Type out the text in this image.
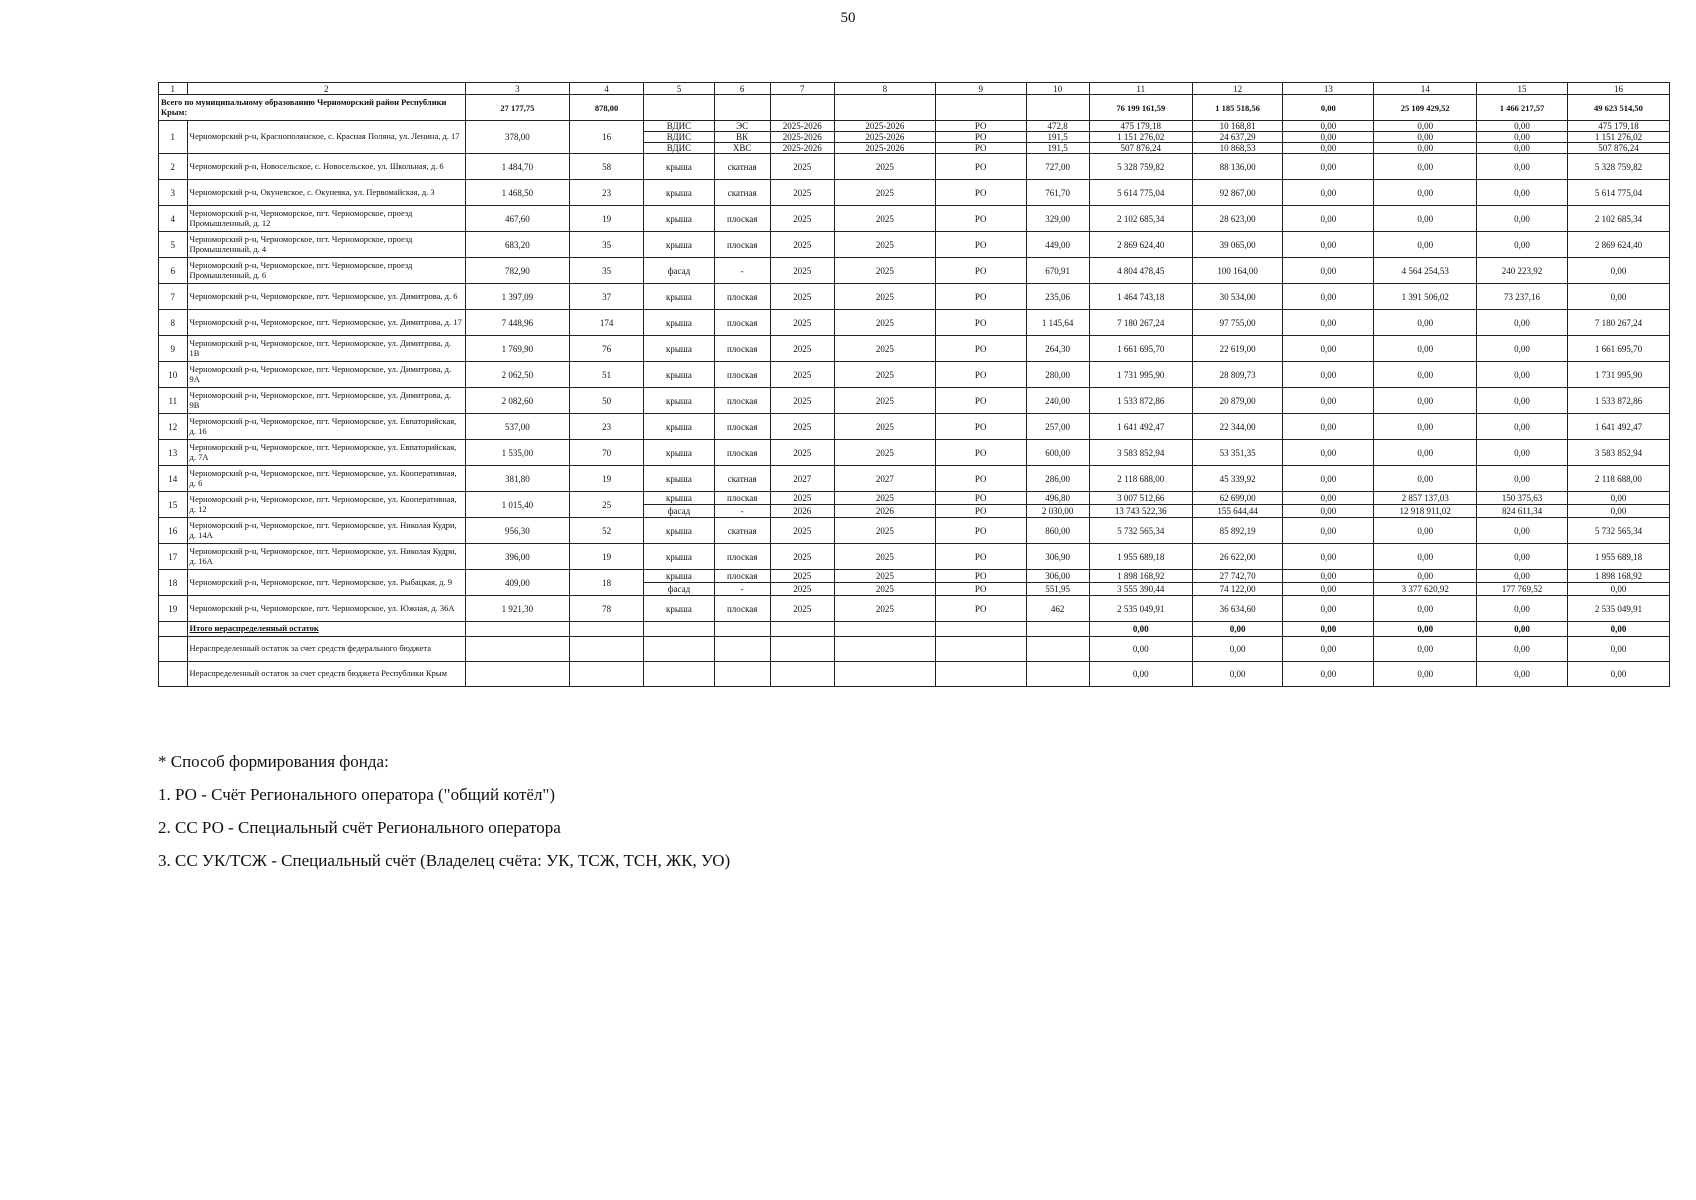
50
1	2	3	4	5	6	7	8	9	10	11	12	13	14	15	16
Всего по муниципальному образованию Черноморский район Республики Крым:		27 177,75	878,00							76 199 161,59	1 185 518,56	0,00	25 109 429,52	1 466 217,57	49 623 514,50
1	Черноморский р-н, Краснополянское, с. Красная Поляна, ул. Ленина, д. 17	378,00	16	ВДИС	ЭС	2025-2026	2025-2026	РО	472,8	475 179,18	10 168,81	0,00	0,00	0,00	475 179,18
				ВДИС	ВК	2025-2026	2025-2026	РО	191,5	1 151 276,02	24 637,29	0,00	0,00	0,00	1 151 276,02
				ВДИС	ХВС	2025-2026	2025-2026	РО	191,5	507 876,24	10 868,53	0,00	0,00	0,00	507 876,24
2	Черноморский р-н, Новосельское, с. Новосельское, ул. Школьная, д. 6	1 484,70	58	крыша	скатная	2025	2025	РО	727,00	5 328 759,82	88 136,00	0,00	0,00	0,00	5 328 759,82
3	Черноморский р-н, Окуневское, с. Окуневка, ул. Первомайская, д. 3	1 468,50	23	крыша	скатная	2025	2025	РО	761,70	5 614 775,04	92 867,00	0,00	0,00	0,00	5 614 775,04
4	Черноморский р-н, Черноморское, пгт. Черноморское, проезд Промышленный, д. 12	467,60	19	крыша	плоская	2025	2025	РО	329,00	2 102 685,34	28 623,00	0,00	0,00	0,00	2 102 685,34
5	Черноморский р-н, Черноморское, пгт. Черноморское, проезд Промышленный, д. 4	683,20	35	крыша	плоская	2025	2025	РО	449,00	2 869 624,40	39 065,00	0,00	0,00	0,00	2 869 624,40
6	Черноморский р-н, Черноморское, пгт. Черноморское, проезд Промышленный, д. 6	782,90	35	фасад	-	2025	2025	РО	670,91	4 804 478,45	100 164,00	0,00	4 564 254,53	240 223,92	0,00
7	Черноморский р-н, Черноморское, пгт. Черноморское, ул. Димитрова, д. 6	1 397,09	37	крыша	плоская	2025	2025	РО	235,06	1 464 743,18	30 534,00	0,00	1 391 506,02	73 237,16	0,00
8	Черноморский р-н, Черноморское, пгт. Черноморское, ул. Димитрова, д. 17	7 448,96	174	крыша	плоская	2025	2025	РО	1 145,64	7 180 267,24	97 755,00	0,00	0,00	0,00	7 180 267,24
9	Черноморский р-н, Черноморское, пгт. Черноморское, ул. Димитрова, д. 1В	1 769,90	76	крыша	плоская	2025	2025	РО	264,30	1 661 695,70	22 619,00	0,00	0,00	0,00	1 661 695,70
10	Черноморский р-н, Черноморское, пгт. Черноморское, ул. Димитрова, д. 9А	2 062,50	51	крыша	плоская	2025	2025	РО	280,00	1 731 995,90	28 809,73	0,00	0,00	0,00	1 731 995,90
11	Черноморский р-н, Черноморское, пгт. Черноморское, ул. Димитрова, д. 9В	2 082,60	50	крыша	плоская	2025	2025	РО	240,00	1 533 872,86	20 879,00	0,00	0,00	0,00	1 533 872,86
12	Черноморский р-н, Черноморское, пгт. Черноморское, ул. Евпаторийская, д. 16	537,00	23	крыша	плоская	2025	2025	РО	257,00	1 641 492,47	22 344,00	0,00	0,00	0,00	1 641 492,47
13	Черноморский р-н, Черноморское, пгт. Черноморское, ул. Евпаторийская, д. 7А	1 535,00	70	крыша	плоская	2025	2025	РО	600,00	3 583 852,94	53 351,35	0,00	0,00	0,00	3 583 852,94
14	Черноморский р-н, Черноморское, пгт. Черноморское, ул. Кооперативная, д. 6	381,80	19	крыша	скатная	2027	2027	РО	286,00	2 118 688,00	45 339,92	0,00	0,00	0,00	2 118 688,00
15	Черноморский р-н, Черноморское, пгт. Черноморское, ул. Кооперативная, д. 12	1 015,40	25	крыша	плоская	2025	2025	РО	496,80	3 007 512,66	62 699,00	0,00	2 857 137,03	150 375,63	0,00
				фасад	-	2026	2026	РО	2 030,00	13 743 522,36	155 644,44	0,00	12 918 911,02	824 611,34	0,00
16	Черноморский р-н, Черноморское, пгт. Черноморское, ул. Николая Кудри, д. 14А	956,30	52	крыша	скатная	2025	2025	РО	860,00	5 732 565,34	85 892,19	0,00	0,00	0,00	5 732 565,34
17	Черноморский р-н, Черноморское, пгт. Черноморское, ул. Николая Кудри, д. 16А	396,00	19	крыша	плоская	2025	2025	РО	306,90	1 955 689,18	26 622,00	0,00	0,00	0,00	1 955 689,18
18	Черноморский р-н, Черноморское, пгт. Черноморское, ул. Рыбацкая, д. 9	409,00	18	крыша	плоская	2025	2025	РО	306,00	1 898 168,92	27 742,70	0,00	0,00	0,00	1 898 168,92
				фасад	-	2025	2025	РО	551,95	3 555 390,44	74 122,00	0,00	3 377 620,92	177 769,52	0,00
19	Черноморский р-н, Черноморское, пгт. Черноморское, ул. Южная, д. 36А	1 921,30	78	крыша	плоская	2025	2025	РО	462	2 535 049,91	36 634,60	0,00	0,00	0,00	2 535 049,91
	Итого нераспределенный остаток									0,00	0,00	0,00	0,00	0,00	0,00
	Нераспределенный остаток за счет средств федерального бюджета									0,00	0,00	0,00	0,00	0,00	0,00
	Нераспределенный остаток за счет средств бюджета Республики Крым									0,00	0,00	0,00	0,00	0,00	0,00
* Способ формирования фонда:
1. РО - Счёт Регионального оператора ("общий котёл")
2. СС РО - Специальный счёт Регионального оператора
3. СС УК/ТСЖ - Специальный счёт (Владелец счёта: УК, ТСЖ, ТСН, ЖК, УО)
